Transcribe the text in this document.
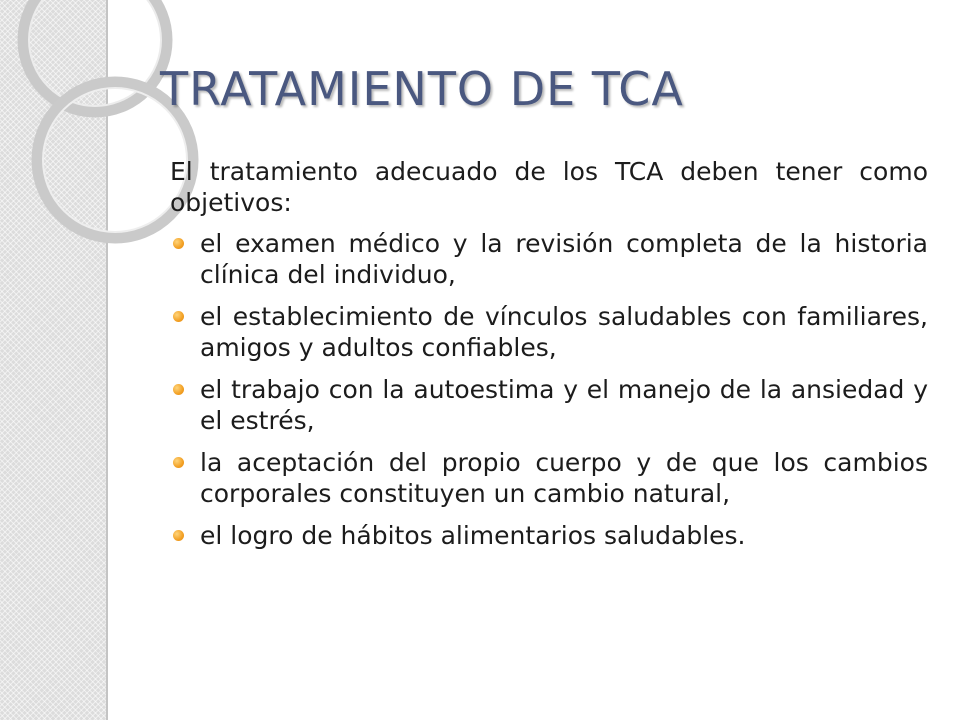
TRATAMIENTO DE TCA

El tratamiento adecuado de los TCA deben tener como objetivos:

el examen médico y la revisión completa de la historia clínica del individuo,
el establecimiento de vínculos saludables con familiares, amigos y adultos confiables,
el trabajo con la autoestima y el manejo de la ansiedad y el estrés,
la aceptación del propio cuerpo y de que los cambios corporales constituyen un cambio natural,
el logro de hábitos alimentarios saludables.
